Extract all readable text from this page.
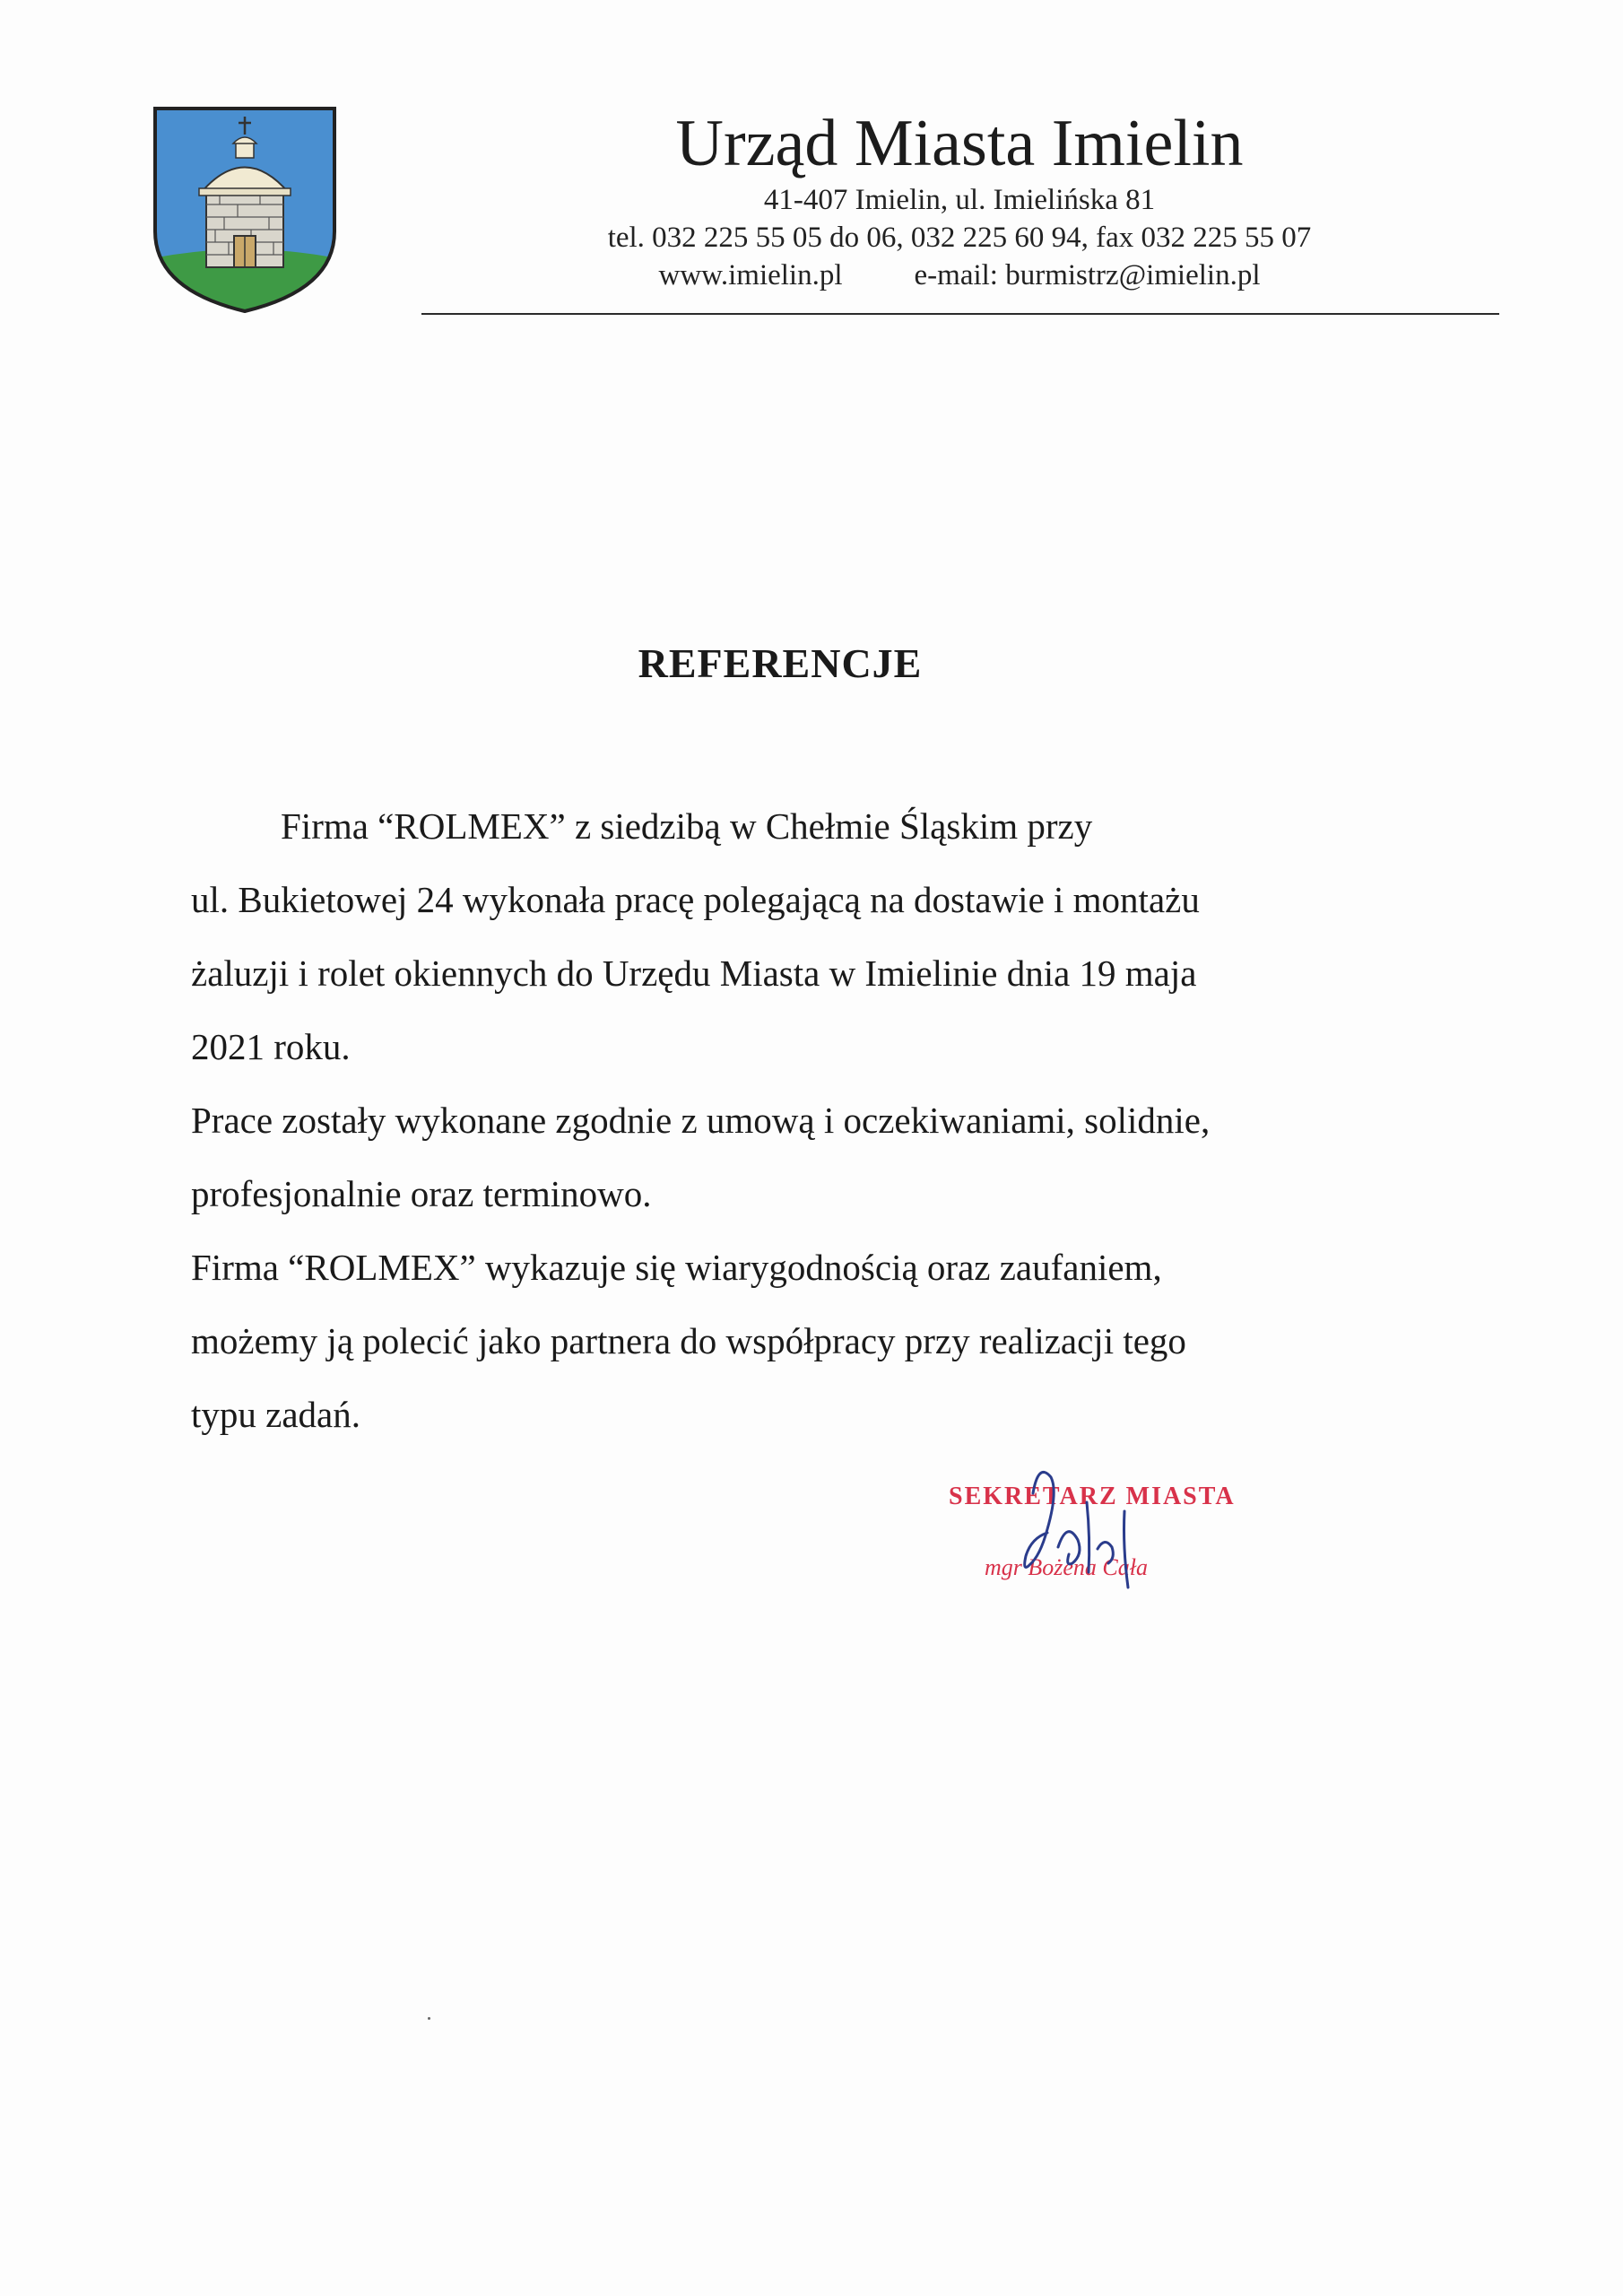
Urząd Miasta Imielin
41-407 Imielin, ul. Imielińska 81
tel. 032 225 55 05 do 06, 032 225 60 94, fax 032 225 55 07
www.imielin.pl e-mail: burmistrz@imielin.pl
REFERENCJE
Firma “ROLMEX” z siedzibą w Chełmie Śląskim przy
ul. Bukietowej 24 wykonała pracę polegającą na dostawie i montażu
żaluzji i rolet okiennych do Urzędu Miasta w Imielinie dnia 19 maja
2021 roku.
Prace zostały wykonane zgodnie z umową i oczekiwaniami, solidnie,
profesjonalnie oraz terminowo.
Firma “ROLMEX” wykazuje się wiarygodnością oraz zaufaniem,
możemy ją polecić jako partnera do współpracy przy realizacji tego
typu zadań.
SEKRETARZ MIASTA
mgr Bożena Cała
